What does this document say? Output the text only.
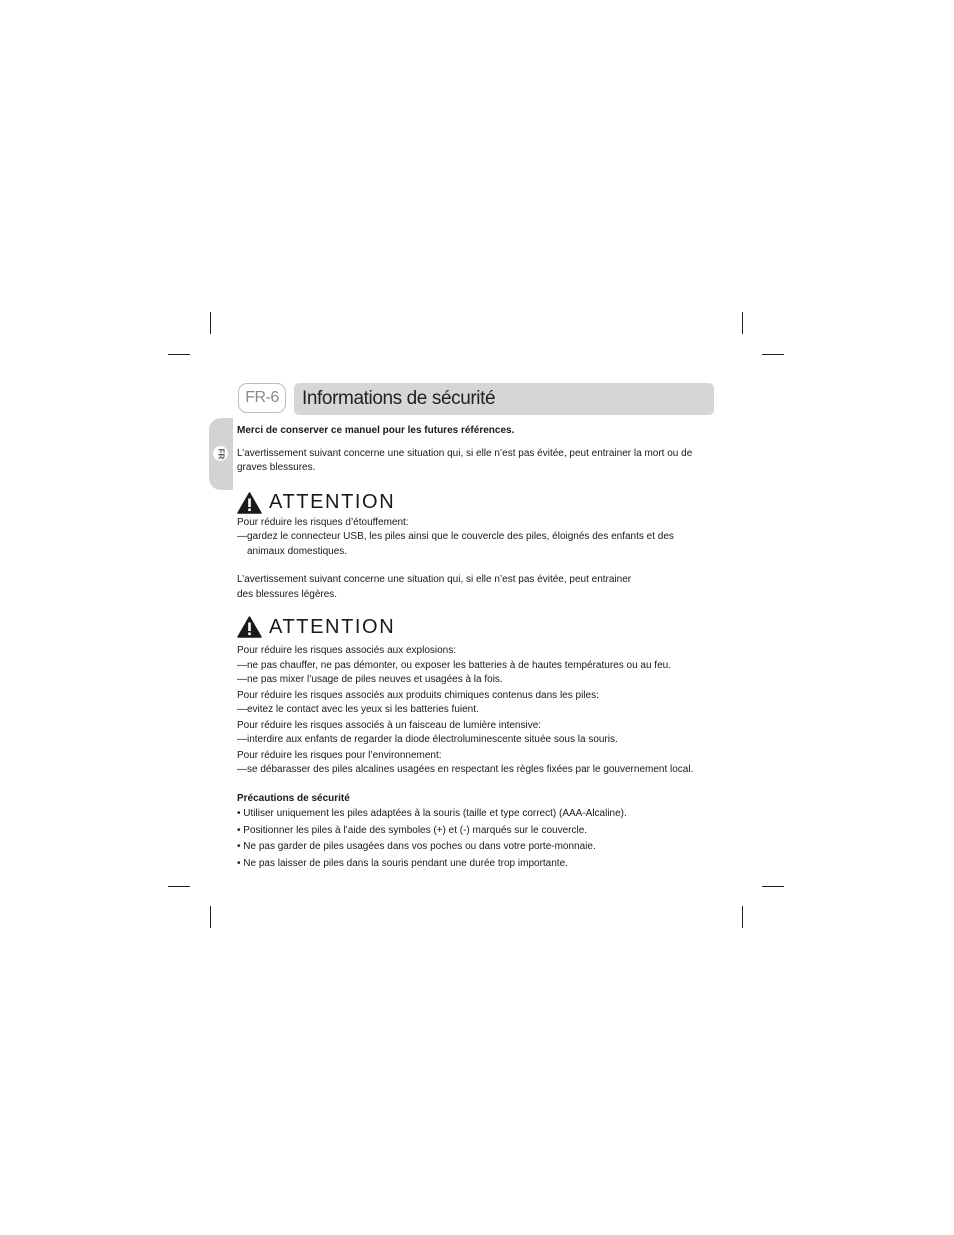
FR
FR-6	Informations de sécurité

Merci de conserver ce manuel pour les futures références.

L’avertissement suivant concerne une situation qui, si elle n’est pas évitée, peut entrainer la mort ou de graves blessures.

ATTENTION

Pour réduire les risques d’étouffement:

—gardez le connecteur USB, les piles ainsi que le couvercle des piles, éloignés des enfants et des

animaux domestiques.

L’avertissement suivant concerne une situation qui, si elle n’est pas évitée, peut entrainer

des blessures légères.

ATTENTION

Pour réduire les risques associés aux explosions:

—ne pas chauffer, ne pas démonter, ou exposer les batteries à de hautes températures ou au feu.

—ne pas mixer l’usage de piles neuves et usagées à la fois.

Pour réduire les risques associés aux produits chimiques contenus dans les piles:

—evitez le contact avec les yeux si les batteries fuient.

Pour réduire les risques associés à un faisceau de lumière intensive:

—interdire aux enfants de regarder la diode électroluminescente située sous la souris.

Pour réduire les risques pour l’environnement:

—se débarasser des piles alcalines usagées en respectant les règles fixées par le gouvernement local.

Précautions de sécurité

• Utiliser uniquement les piles adaptées à la souris (taille et type correct) (AAA-Alcaline).
• Positionner les piles à l’aide des symboles (+) et (-) marqués sur le couvercle.
• Ne pas garder de piles usagées dans vos poches ou dans votre porte-monnaie.
• Ne pas laisser de piles dans la souris pendant une durée trop importante.
